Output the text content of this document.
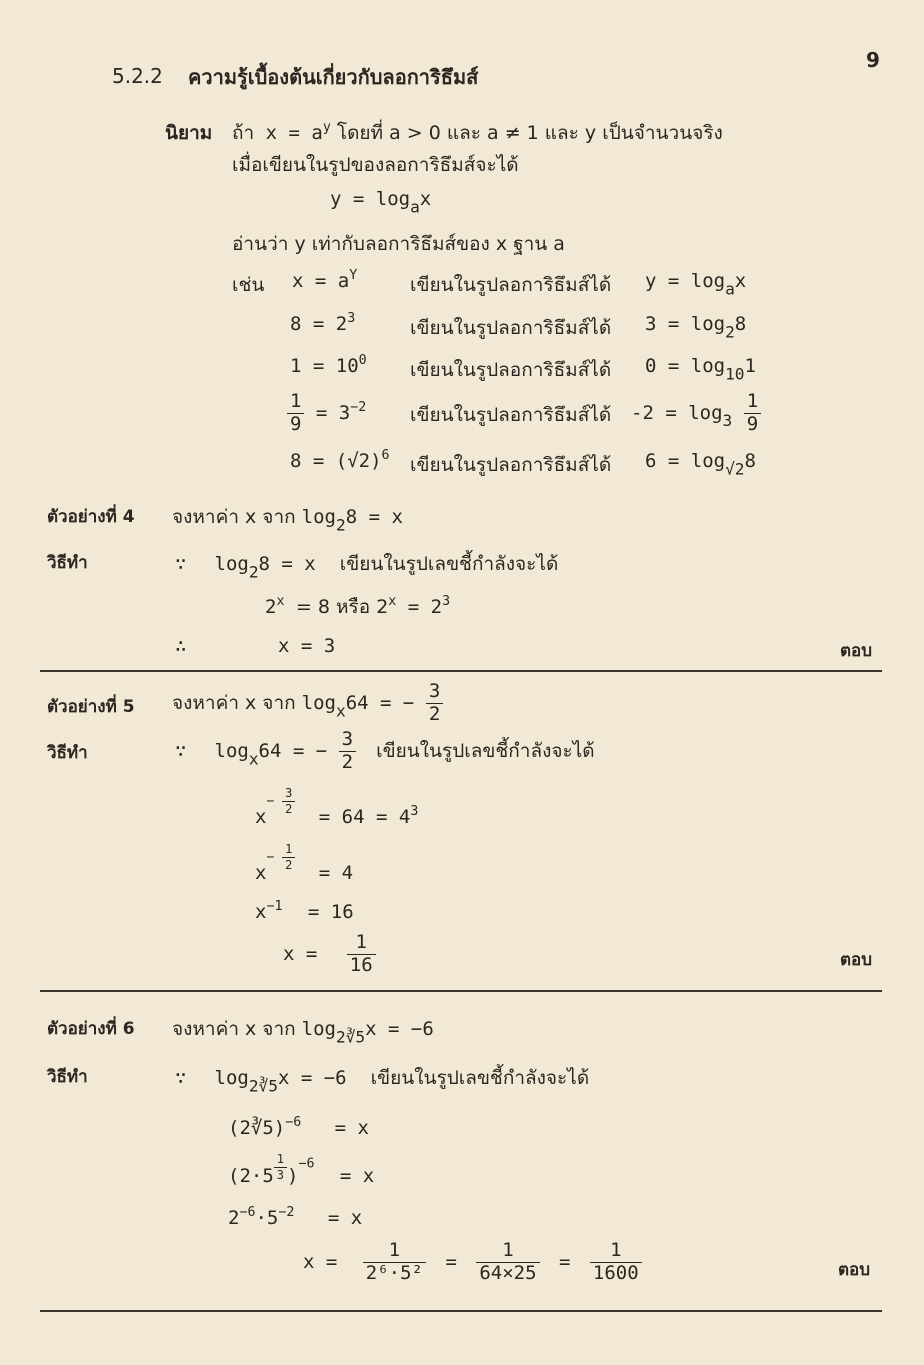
9
5.2.2 ความรู้เบื้องต้นเกี่ยวกับลอการิธึมส์
นิยาม ถ้า $x = a^y$ โดยที่ a > 0 และ a ≠ 1 และ y เป็นจำนวนจริง
เมื่อเขียนในรูปของลอการิธึมส์จะได้
$y = \log_ax$
อ่านว่า y เท่ากับลอการิธึมส์ของ x ฐาน a
เช่น $x = a^Y$	เขียนในรูปลอการิธึมส์ได้ $y = \log_ax$
$8 = 2^3$	เขียนในรูปลอการิธึมส์ได้ $3 = \log_28$
$1 = 10^0$ เขียนในรูปลอการิธึมส์ได้ $0 = \log_{10}1$
$\frac{1}{9} = 3^{-2}$ เขียนในรูปลอการิธึมส์ได้ $-2 = \log_3 \frac{1}{9}$
$8 = (√2)^6$ เขียนในรูปลอการิธึมส์ได้ $6 = \log_{√2}8$
ตัวอย่างที่ 4 จงหาค่า x จาก $\log_28 = x$
วิธีทำ	∵ $\log_28 = x$ เขียนในรูปเลขชี้กำลังจะได้
$2^x = 8$ หรือ $2^x = 2^3$
∴	x = 3	ตอบ
ตัวอย่างที่ 5 จงหาค่า x จาก $\log_x64$ = − $\frac{3}{2}$
วิธีทำ	∵ $\log_x64$ = − $\frac{3}{2}$ เขียนในรูปเลขชี้กำลังจะได้
$x- \frac{3}{2}$
= $64 = 4^3$
$x- \frac{1}{2}$
= 4
$x^{-1} = 16$
$x = \frac{1}{16}$	ตอบ
ตัวอย่างที่ 6 จงหาค่า x จาก $\log_{2∛5}x = -6$
วิธีทำ	∵ $\log_{2∛5}x = -6$ เขียนในรูปเลขชี้กำลังจะได้
(2∛5)$^{-6}$ = x
$(2\cdot 5 \frac{1}{3} )^{-6} = x$
$2^{-6}\cdot 5^{-2} = x$
$x = \frac{1}{\text{2⁶·5²}} = \frac{1}{64\times 25} = \frac{1}{1600}$	ตอบ
